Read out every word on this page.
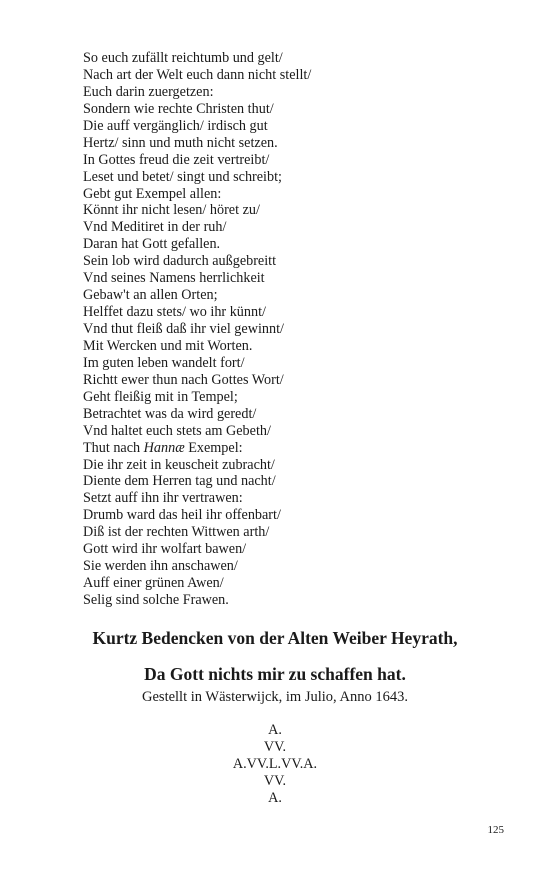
So euch zufällt reichtumb und gelt/
Nach art der Welt euch dann nicht stellt/
Euch darin zuergetzen:
Sondern wie rechte Christen thut/
Die auff vergänglich/ irdisch gut
Hertz/ sinn und muth nicht setzen.
In Gottes freud die zeit vertreibt/
Leset und betet/ singt und schreibt;
Gebt gut Exempel allen:
Könnt ihr nicht lesen/ höret zu/
Vnd Meditiret in der ruh/
Daran hat Gott gefallen.
Sein lob wird dadurch außgebreitt
Vnd seines Namens herrlichkeit
Gebaw't an allen Orten;
Helffet dazu stets/ wo ihr künnt/
Vnd thut fleiß daß ihr viel gewinnt/
Mit Wercken und mit Worten.
Im guten leben wandelt fort/
Richtt ewer thun nach Gottes Wort/
Geht fleißig mit in Tempel;
Betrachtet was da wird geredt/
Vnd haltet euch stets am Gebeth/
Thut nach Hannæ Exempel:
Die ihr zeit in keuscheit zubracht/
Diente dem Herren tag und nacht/
Setzt auff ihn ihr vertrawen:
Drumb ward das heil ihr offenbart/
Diß ist der rechten Wittwen arth/
Gott wird ihr wolfart bawen/
Sie werden ihn anschawen/
Auff einer grünen Awen/
Selig sind solche Frawen.
Kurtz Bedencken von der Alten Weiber Heyrath,
Da Gott nichts mir zu schaffen hat.
Gestellt in Wästerwijck, im Julio, Anno 1643.
A.
VV.
A.VV.L.VV.A.
VV.
A.
125
